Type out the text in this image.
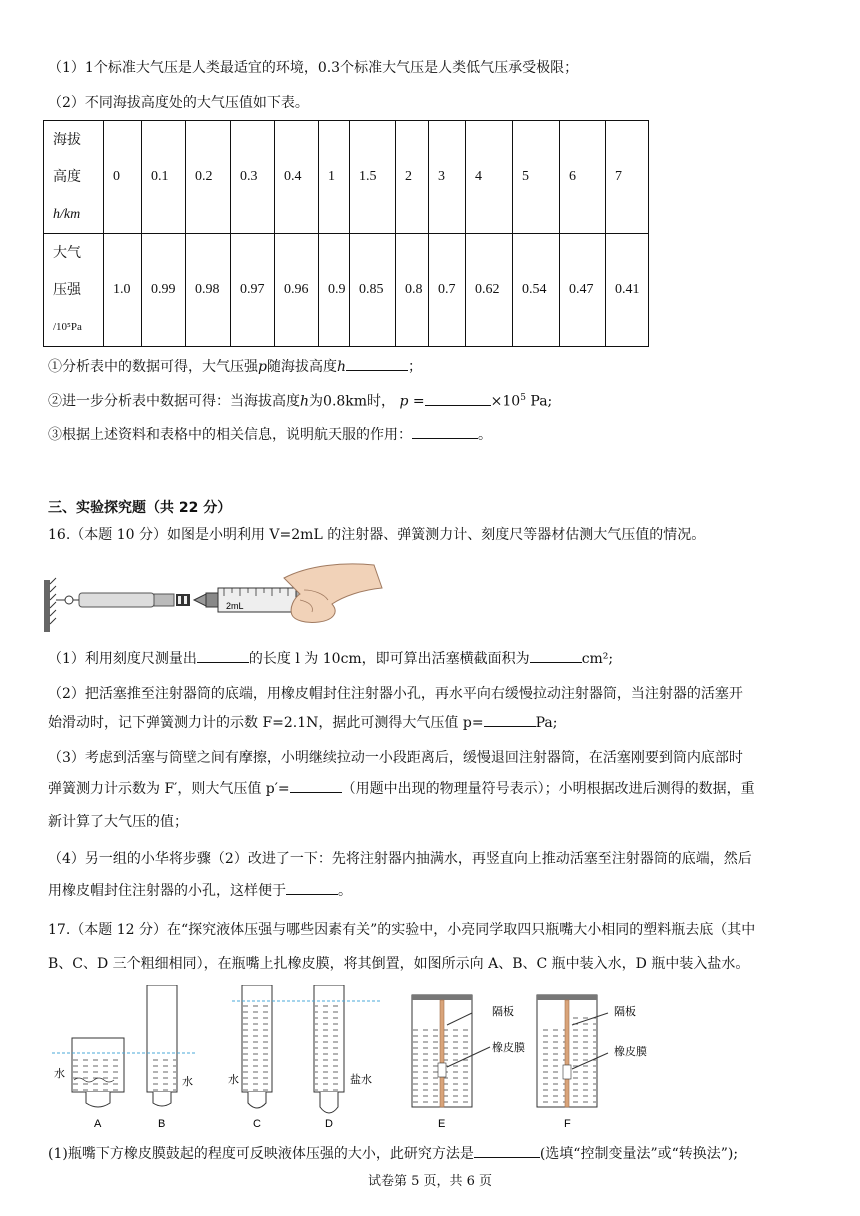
（1）1个标准大气压是人类最适宜的环境，0.3个标准大气压是人类低气压承受极限；
（2）不同海拔高度处的大气压值如下表。
海拔
高度
h/km	0	0.1	0.2	0.3	0.4	1	1.5	2	3	4	5	6	7

大气
压强
/10⁵Pa	1.0	0.99	0.98	0.97	0.96	0.9	0.85	0.8	0.7	0.62	0.54	0.47	0.41
①分析表中的数据可得，大气压强p随海拔高度h	；
②进一步分析表中数据可得：当海拔高度h为0.8km时， p =	$\times 10^5$ Pa;
③根据上述资料和表格中的相关信息，说明航天服的作用：	。
三、实验探究题（共 22 分）
16.（本题 10 分）如图是小明利用 V=2mL 的注射器、弹簧测力计、刻度尺等器材估测大气压值的情况。
2mL
（1）利用刻度尺测量出	的长度 l 为 10cm，即可算出活塞横截面积为	cm²;
（2）把活塞推至注射器筒的底端，用橡皮帽封住注射器小孔，再水平向右缓慢拉动注射器筒，当注射器的活塞开
始滑动时，记下弹簧测力计的示数 F=2.1N，据此可测得大气压值 p=	Pa;
（3）考虑到活塞与筒壁之间有摩擦，小明继续拉动一小段距离后，缓慢退回注射器筒，在活塞刚要到筒内底部时
弹簧测力计示数为 F′，则大气压值 p′=	（用题中出现的物理量符号表示）；小明根据改进后测得的数据，重
新计算了大气压的值；
（4）另一组的小华将步骤（2）改进了一下：先将注射器内抽满水，再竖直向上推动活塞至注射器筒的底端，然后
用橡皮帽封住注射器的小孔，这样便于	。
17.（本题 12 分）在“探究液体压强与哪些因素有关”的实验中，小亮同学取四只瓶嘴大小相同的塑料瓶去底（其中
B、C、D 三个粗细相同），在瓶嘴上扎橡皮膜，将其倒置，如图所示向 A、B、C 瓶中装入水，D 瓶中装入盐水。
水
水	水	盐水
隔板
橡皮膜
隔板
橡皮膜
A	B	C	D	E	F
(1)瓶嘴下方橡皮膜鼓起的程度可反映液体压强的大小，此研究方法是	(选填“控制变量法”或“转换法”);
试卷第 5 页，共 6 页
